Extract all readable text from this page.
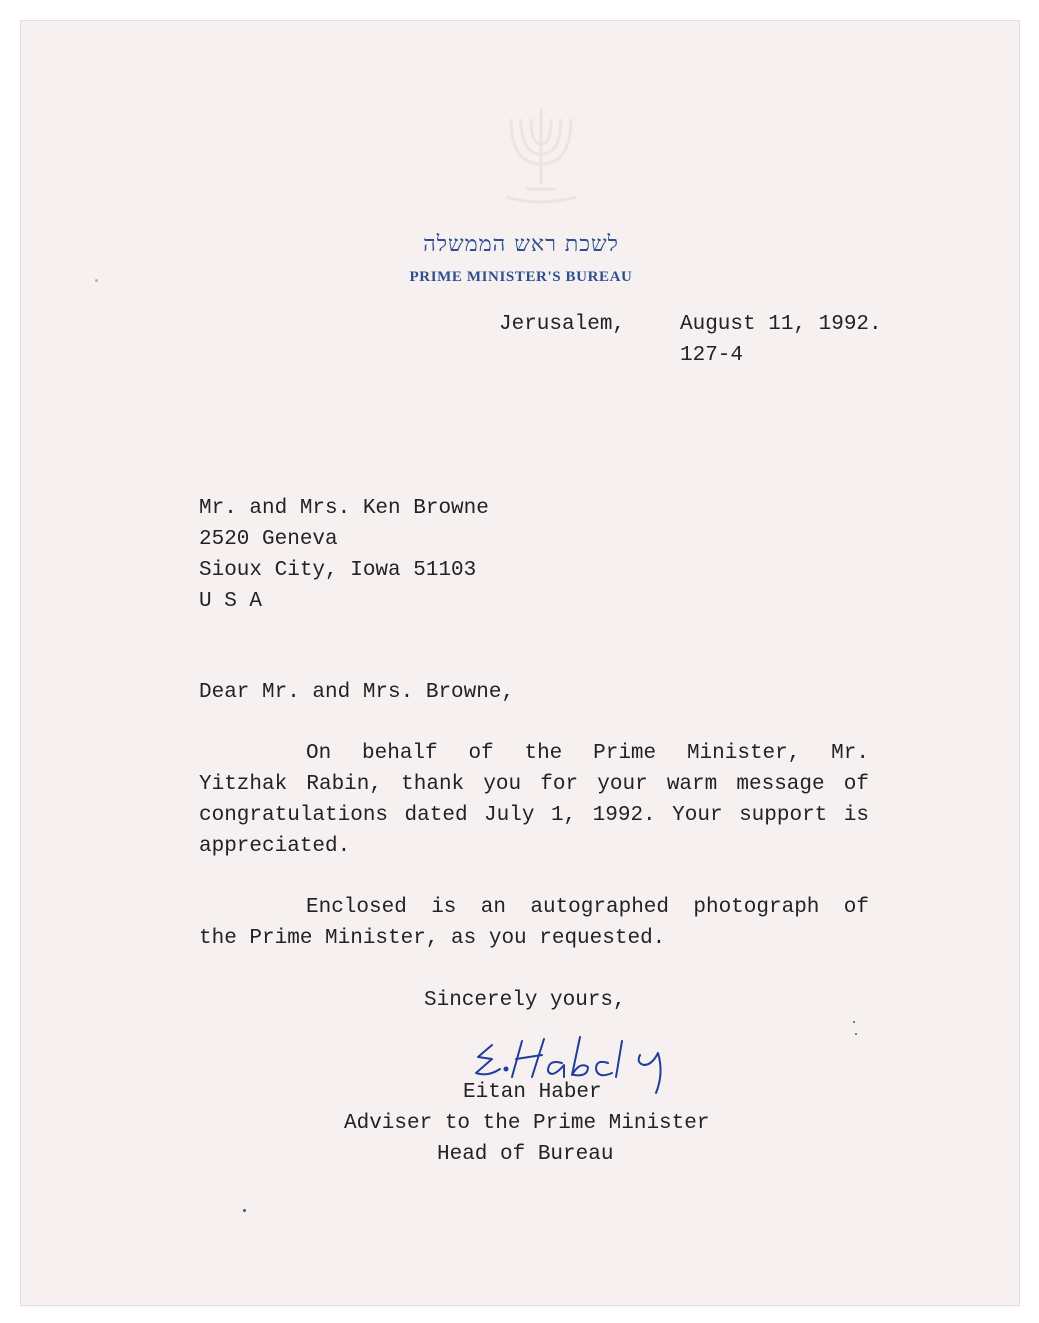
לשכת ראש הממשלה
PRIME MINISTER'S BUREAU
Jerusalem,	August 11, 1992.
127-4
Mr. and Mrs. Ken Browne
2520 Geneva
Sioux City, Iowa 51103
U S A
Dear Mr. and Mrs. Browne,
On behalf of the Prime Minister, Mr.
Yitzhak Rabin, thank you for your warm message of
congratulations dated July 1, 1992. Your support is
appreciated.
Enclosed is an autographed photograph of
the Prime Minister, as you requested.
Sincerely yours,
Eitan Haber
Adviser to the Prime Minister
Head of Bureau
